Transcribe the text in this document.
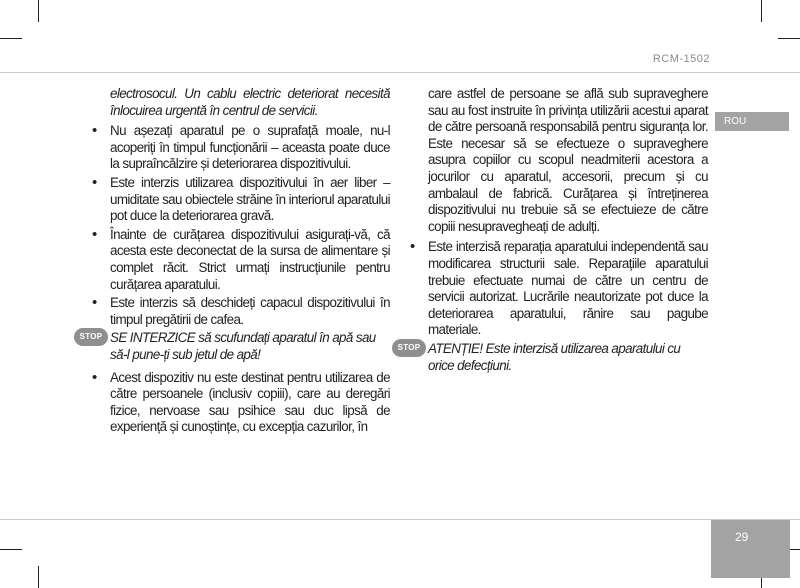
RCM-1502
ROU
29

electrosocul. Un cablu electric deteriorat necesită înlocuirea urgentă în centrul de servicii.

• Nu așezați aparatul pe o suprafață moale, nu-l acoperiți în timpul funcționării – aceasta poate duce la supraîncălzire și deteriorarea dispozitivului.

• Este interzis utilizarea dispozitivului în aer liber – umiditate sau obiectele străine în interiorul aparatului pot duce la deteriorarea gravă.

• Înainte de curățarea dispozitivului asigurați-vă, că acesta este deconectat de la sursa de alimentare și complet răcit. Strict urmați instrucțiunile pentru curățarea aparatului.

• Este interzis să deschideți capacul dispozitivului în timpul pregătirii de cafea.

STOP SE INTERZICE să scufundați aparatul în apă sau să-l pune-ți sub jetul de apă!

• Acest dispozitiv nu este destinat pentru utilizarea de către persoanele (inclusiv copiii), care au deregări fizice, nervoase sau psihice sau duc lipsă de experiență și cunoștințe, cu excepția cazurilor, în

care astfel de persoane se află sub supraveghere sau au fost instruite în privința utilizării acestui aparat de către persoană responsabilă pentru siguranța lor. Este necesar să se efectueze o supraveghere asupra copiilor cu scopul neadmiterii acestora a jocurilor cu aparatul, accesorii, precum și cu ambalaul de fabrică. Curățarea și întreținerea dispozitivului nu trebuie să se efectuieze de către copiii nesupravegheați de adulți.

• Este interzisă reparația aparatului independentă sau modificarea structurii sale. Reparațiile aparatului trebuie efectuate numai de către un centru de servicii autorizat. Lucrările neautorizate pot duce la deteriorarea aparatului, rănire sau pagube materiale.

STOP ATENȚIE! Este interzisă utilizarea aparatului cu orice defecțiuni.
